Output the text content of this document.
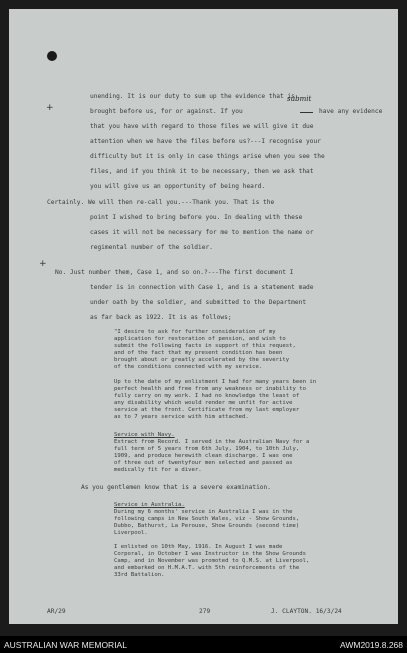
unending. It is our duty to sum up the evidence that is
+	brought before us, for or against. If you
submit
have any evidence
that you have with regard to those files we will give it due
attention when we have the files before us?---I recognise your
difficulty but it is only in case things arise when you see the
files, and if you think it to be necessary, then we ask that
you will give us an opportunity of being heard.
Certainly. We will then re-call you.---Thank you. That is the
point I wished to bring before you. In dealing with these
cases it will not be necessary for me to mention the name or
regimental number of the soldier.
+
No. Just number them, Case 1, and so on.?---The first document I
tender is in connection with Case 1, and is a statement made
under oath by the soldier, and submitted to the Department
as far back as 1922. It is as follows;
"I desire to ask for further consideration of my
application for restoration of pension, and wish to
submit the following facts in support of this request,
and of the fact that my present condition has been
brought about or greatly accelerated by the severity
of the conditions connected with my service.
Up to the date of my enlistment I had for many years been in
perfect health and free from any weakness or inability to
fully carry on my work. I had no knowledge the least of
any disability which would render me unfit for active
service at the front. Certificate from my last employer
as to 7 years service with him attached.
Service with Navy.
Extract from Record. I served in the Australian Navy for a
full term of 5 years from 6th July, 1904, to 10th July,
1909, and produce herewith clean discharge. I was one
of three out of twentyfour men selected and passed as
medically fit for a diver.
As you gentlemen know that is a severe examination.
Service in Australia.
During my 6 months' service in Australia I was in the
following camps in New South Wales, viz - Show Grounds,
Dubbo, Bathurst, La Perouse, Show Grounds (second time)
Liverpool.
I enlisted on 10th May, 1916. In August I was made
Corporal, in October I was Instructor in the Show Grounds
Camp, and in November was promoted to Q.M.S. at Liverpool,
and embarked on H.M.A.T. with 5th reinforcements of the
33rd Battalion.
AR/29	279	J. CLAYTON. 16/3/24
AUSTRALIAN WAR MEMORIAL	AWM2019.8.268
